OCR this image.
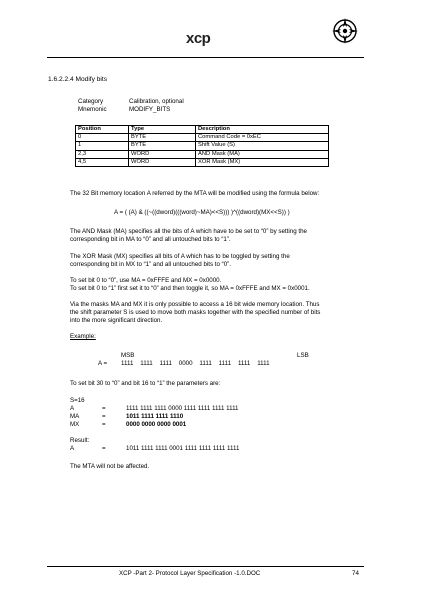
xcp
1.6.2.2.4 Modify bits
Category	Calibration, optional
Mnemonic	MODIFY_BITS
Position	Type	Description
0	BYTE	Command Code = 0xEC
1	BYTE	Shift Value (S)
2,3	WORD	AND Mask (MA)
4,5	WORD	XOR Mask (MX)
The 32 Bit memory location A referred by the MTA will be modified using the formula below:
A = ( (A) & ((~((dword)(((word)~MA)<<S))) )^((dword)(MX<<S)) )
The AND Mask (MA) specifies all the bits of A which have to be set to “0” by setting the
corresponding bit in MA to “0” and all untouched bits to “1”.
The XOR Mask (MX) specifies all bits of A which has to be toggled by setting the
corresponding bit in MX to “1” and all untouched bits to “0”.
To set bit 0 to “0”, use MA = 0xFFFE and MX = 0x0000.
To set bit 0 to “1” first set it to “0” and then toggle it, so MA = 0xFFFE and MX = 0x0001.
Via the masks MA and MX it is only possible to access a 16 bit wide memory location. Thus
the shift parameter S is used to move both masks together with the specified number of bits
into the more significant direction.
Example:
MSB	LSB
A = 1111    1111    1111    0000    1111    1111    1111    1111
To set bit 30 to “0” and bit 16 to “1” the parameters are:
S=16
A	=	1111 1111 1111 0000 1111 1111 1111 1111
MA	=	1011 1111 1111 1110
MX	=	0000 0000 0000 0001
Result:
A	=	1011 1111 1111 0001 1111 1111 1111 1111
The MTA will not be affected.
XCP -Part 2- Protocol Layer Specification -1.0.DOC	74
